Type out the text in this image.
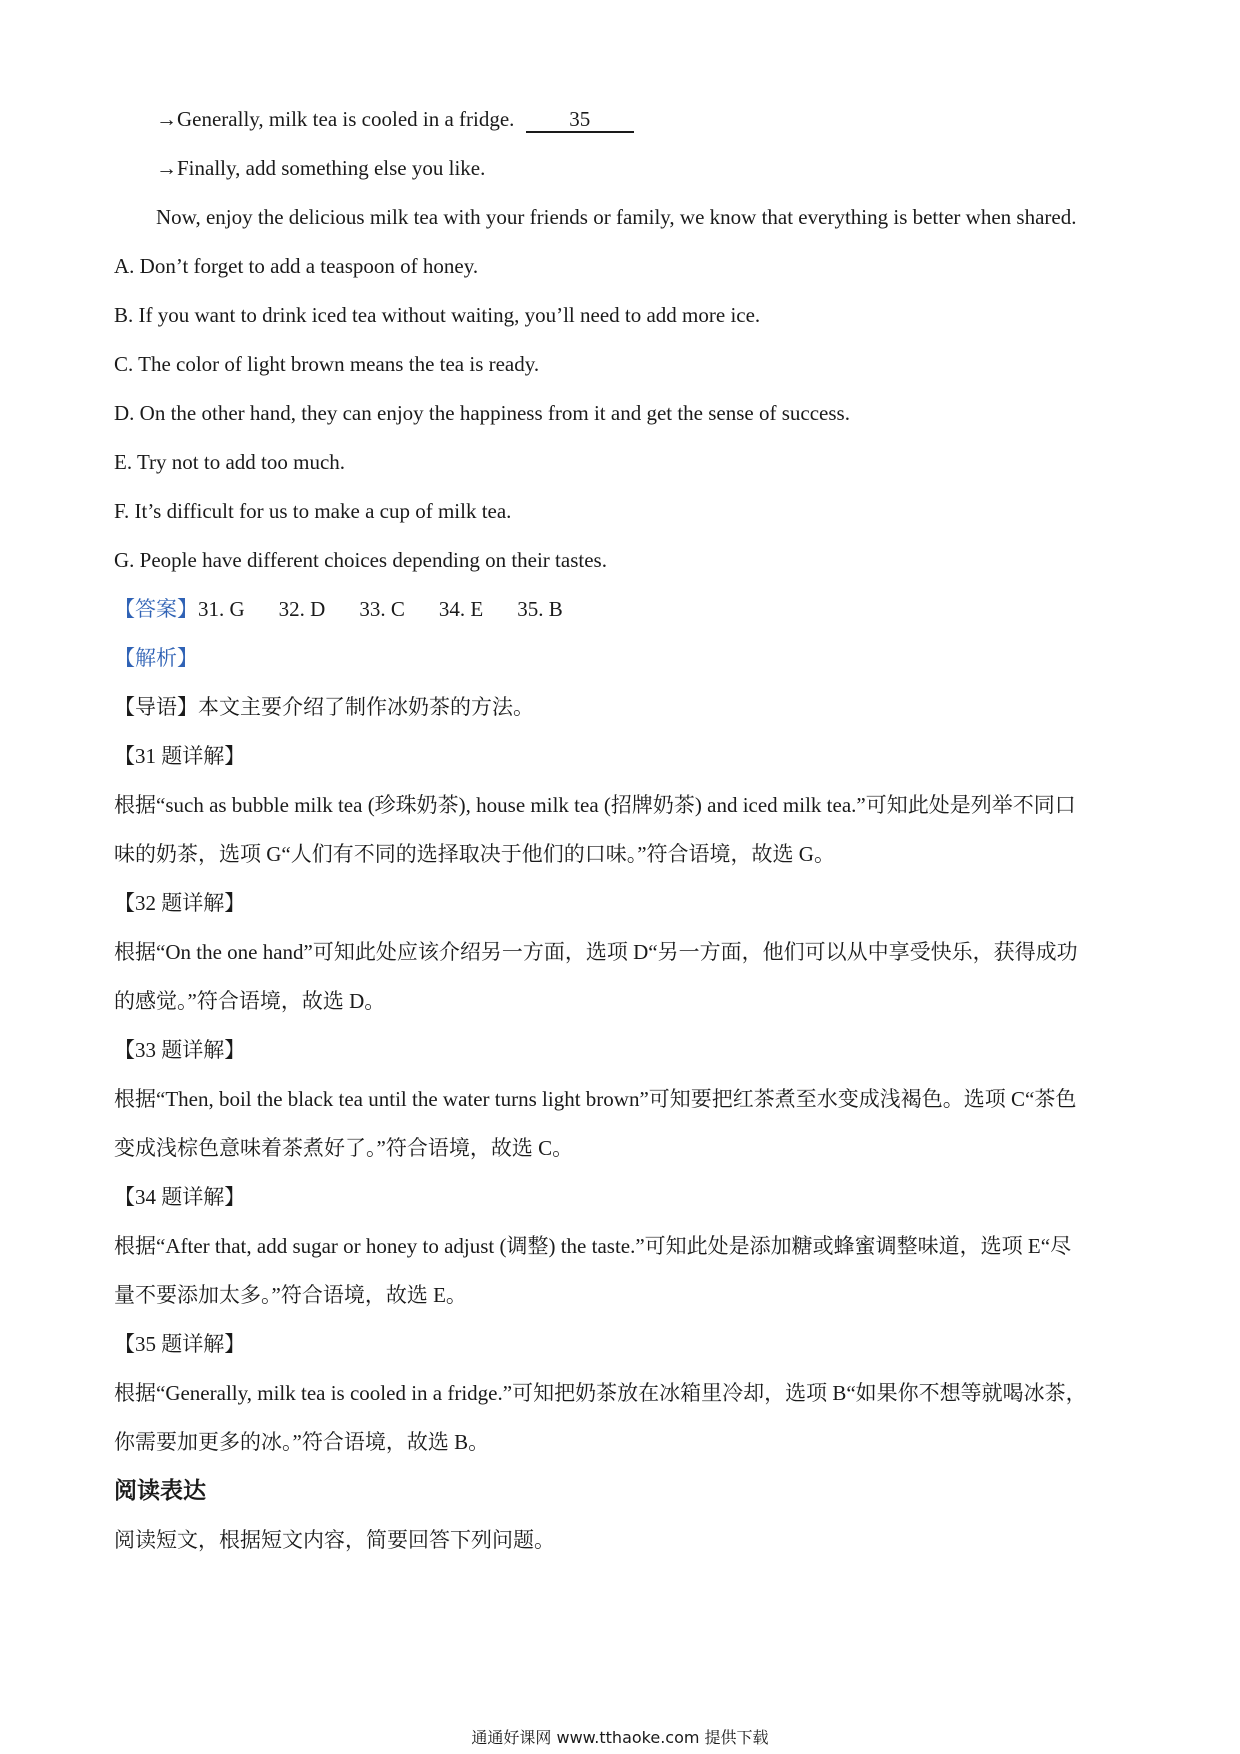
→Generally, milk tea is cooled in a fridge.	35
→Finally, add something else you like.
Now, enjoy the delicious milk tea with your friends or family, we know that everything is better when shared.
A. Don’t forget to add a teaspoon of honey.
B. If you want to drink iced tea without waiting, you’ll need to add more ice.
C. The color of light brown means the tea is ready.
D. On the other hand, they can enjoy the happiness from it and get the sense of success.
E. Try not to add too much.
F. It’s difficult for us to make a cup of milk tea.
G. People have different choices depending on their tastes.
【答案】31. G 32. D 33. C 34. E 35. B
【解析】
【导语】本文主要介绍了制作冰奶茶的方法。
【31 题详解】
根据“such as bubble milk tea (珍珠奶茶), house milk tea (招牌奶茶) and iced milk tea.”可知此处是列举不同口
味的奶茶，选项 G“人们有不同的选择取决于他们的口味。”符合语境，故选 G。
【32 题详解】
根据“On the one hand”可知此处应该介绍另一方面，选项 D“另一方面，他们可以从中享受快乐，获得成功
的感觉。”符合语境，故选 D。
【33 题详解】
根据“Then, boil the black tea until the water turns light brown”可知要把红茶煮至水变成浅褐色。选项 C“茶色
变成浅棕色意味着茶煮好了。”符合语境，故选 C。
【34 题详解】
根据“After that, add sugar or honey to adjust (调整) the taste.”可知此处是添加糖或蜂蜜调整味道，选项 E“尽
量不要添加太多。”符合语境，故选 E。
【35 题详解】
根据“Generally, milk tea is cooled in a fridge.”可知把奶茶放在冰箱里冷却，选项 B“如果你不想等就喝冰茶，
你需要加更多的冰。”符合语境，故选 B。
阅读表达
阅读短文，根据短文内容，简要回答下列问题。
通通好课网 www.tthaoke.com 提供下载
